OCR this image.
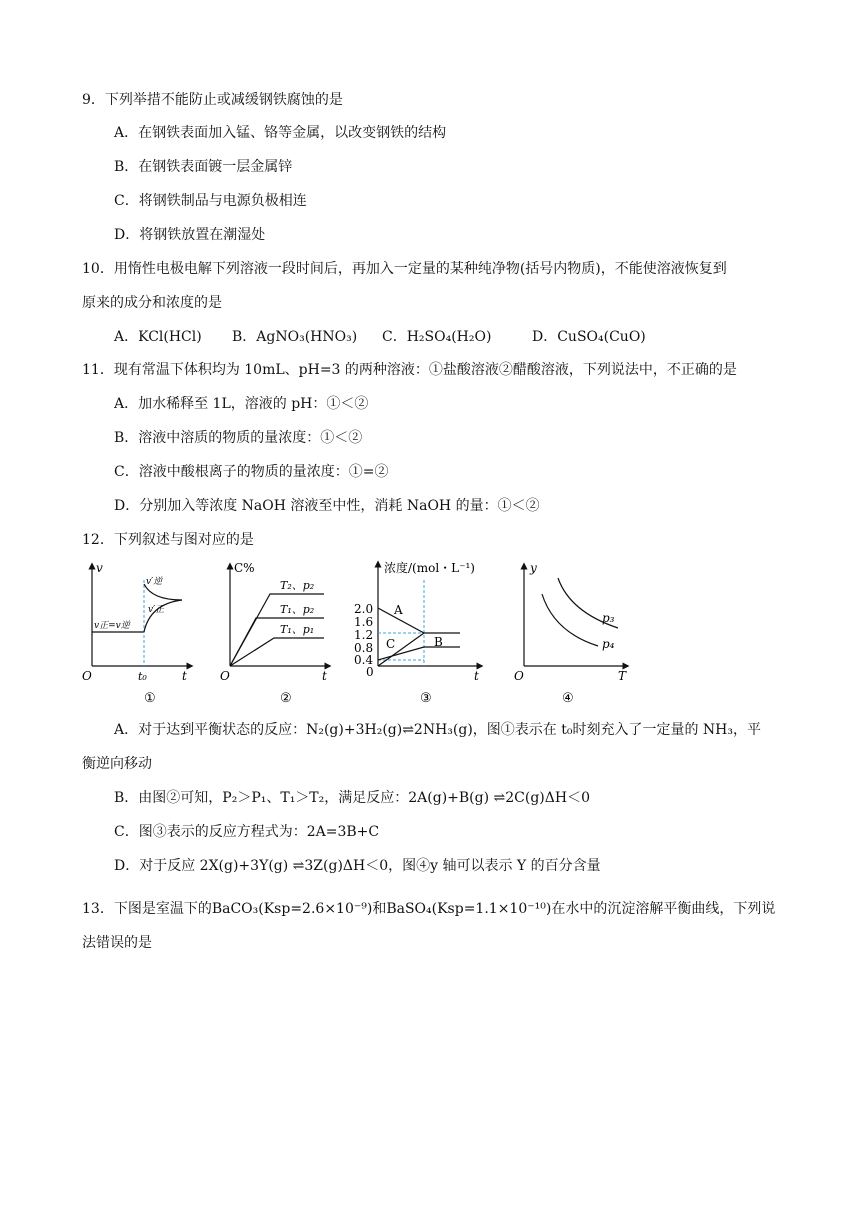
9．下列举措不能防止或减缓钢铁腐蚀的是
A．在钢铁表面加入锰、铬等金属，以改变钢铁的结构
B．在钢铁表面镀一层金属锌
C．将钢铁制品与电源负极相连
D．将钢铁放置在潮湿处
10．用惰性电极电解下列溶液一段时间后，再加入一定量的某种纯净物(括号内物质)，不能使溶液恢复到
原来的成分和浓度的是
A．KCl(HCl) B．AgNO₃(HNO₃) C．H₂SO₄(H₂O)	D．CuSO₄(CuO)
11．现有常温下体积均为 10mL、pH=3 的两种溶液：①盐酸溶液②醋酸溶液，下列说法中，不正确的是
A．加水稀释至 1L，溶液的 pH：①＜②
B．溶液中溶质的物质的量浓度：①＜②
C．溶液中酸根离子的物质的量浓度：①=②
D．分别加入等浓度 NaOH 溶液至中性，消耗 NaOH 的量：①＜②
12．下列叙述与图对应的是
v
t
O
v′逆
v′正
v正=v逆
t₀
①
C%
t
O
T₂、p₂
T₁、p₂
T₁、p₁
②
浓度/(mol・L⁻¹)
t
0
2.0
1.6
1.2
0.8
0.4
A
B
C
③
y
T
O
p₃
p₄
④
A．对于达到平衡状态的反应：N₂(g)+3H₂(g)⇌2NH₃(g)，图①表示在 t₀时刻充入了一定量的 NH₃，平
衡逆向移动
B．由图②可知，P₂＞P₁、T₁＞T₂，满足反应：2A(g)+B(g) ⇌2C(g)ΔH＜0
C．图③表示的反应方程式为：2A=3B+C
D．对于反应 2X(g)+3Y(g) ⇌3Z(g)ΔH＜0，图④y 轴可以表示 Y 的百分含量
13．下图是室温下的BaCO₃(Ksp=2.6×10⁻⁹)和BaSO₄(Ksp=1.1×10⁻¹⁰)在水中的沉淀溶解平衡曲线，下列说
法错误的是
